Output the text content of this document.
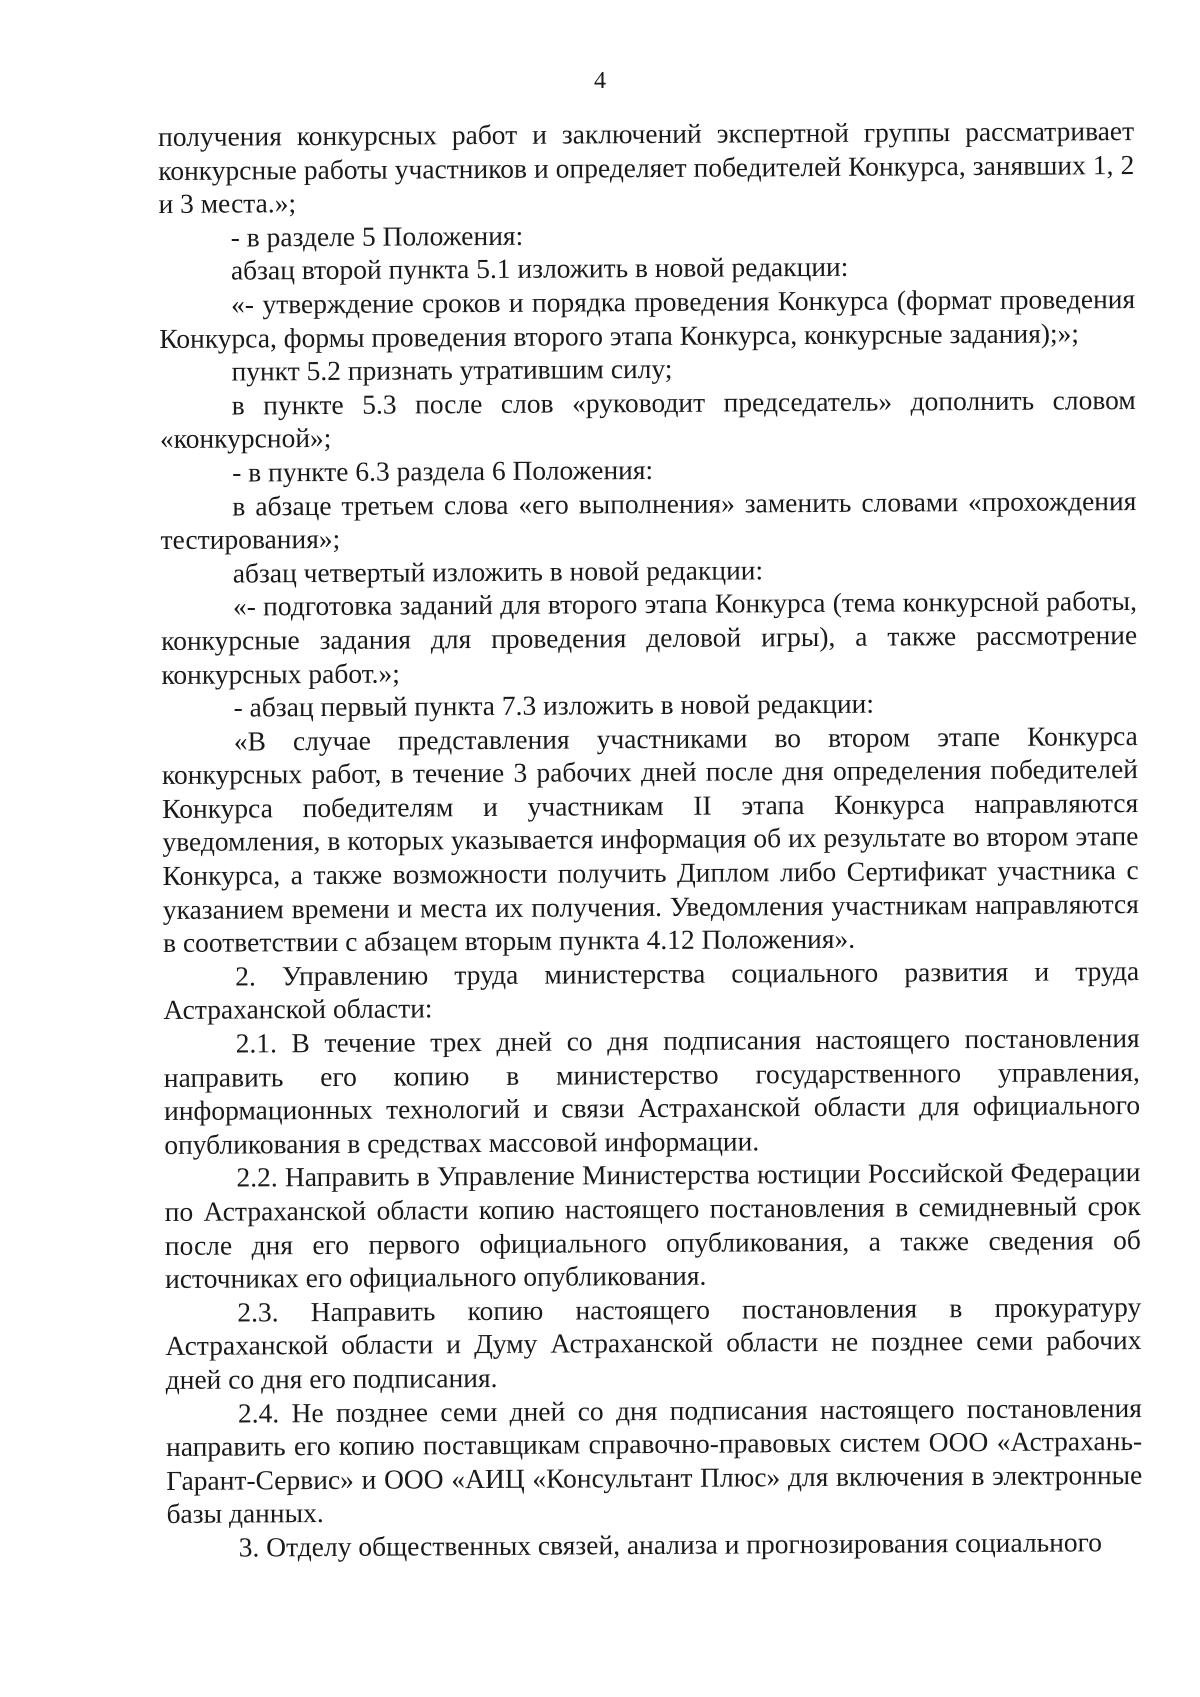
4

получения конкурсных работ и заключений экспертной группы рассматривает конкурсные работы участников и определяет победителей Конкурса, занявших 1, 2 и 3 места.»;

- в разделе 5 Положения:

абзац второй пункта 5.1 изложить в новой редакции:

«- утверждение сроков и порядка проведения Конкурса (формат проведения Конкурса, формы проведения второго этапа Конкурса, конкурсные задания);»;

пункт 5.2 признать утратившим силу;

в пункте 5.3 после слов «руководит председатель» дополнить словом «конкурсной»;

- в пункте 6.3 раздела 6 Положения:

в абзаце третьем слова «его выполнения» заменить словами «прохождения тестирования»;

абзац четвертый изложить в новой редакции:

«- подготовка заданий для второго этапа Конкурса (тема конкурсной работы, конкурсные задания для проведения деловой игры), а также рассмотрение конкурсных работ.»;

- абзац первый пункта 7.3 изложить в новой редакции:

«В случае представления участниками во втором этапе Конкурса конкурсных работ, в течение 3 рабочих дней после дня определения победителей Конкурса победителям и участникам II этапа Конкурса направляются уведомления, в которых указывается информация об их результате во втором этапе Конкурса, а также возможности получить Диплом либо Сертификат участника с указанием времени и места их получения. Уведомления участникам направляются в соответствии с абзацем вторым пункта 4.12 Положения».

2. Управлению труда министерства социального развития и труда Астраханской области:

2.1. В течение трех дней со дня подписания настоящего постановления направить его копию в министерство государственного управления, информационных технологий и связи Астраханской области для официального опубликования в средствах массовой информации.

2.2. Направить в Управление Министерства юстиции Российской Федерации по Астраханской области копию настоящего постановления в семидневный срок после дня его первого официального опубликования, а также сведения об источниках его официального опубликования.

2.3. Направить копию настоящего постановления в прокуратуру Астраханской области и Думу Астраханской области не позднее семи рабочих дней со дня его подписания.

2.4. Не позднее семи дней со дня подписания настоящего постановления направить его копию поставщикам справочно-правовых систем ООО «Астрахань-Гарант-Сервис» и ООО «АИЦ «Консультант Плюс» для включения в электронные базы данных.

3. Отделу общественных связей, анализа и прогнозирования социального
